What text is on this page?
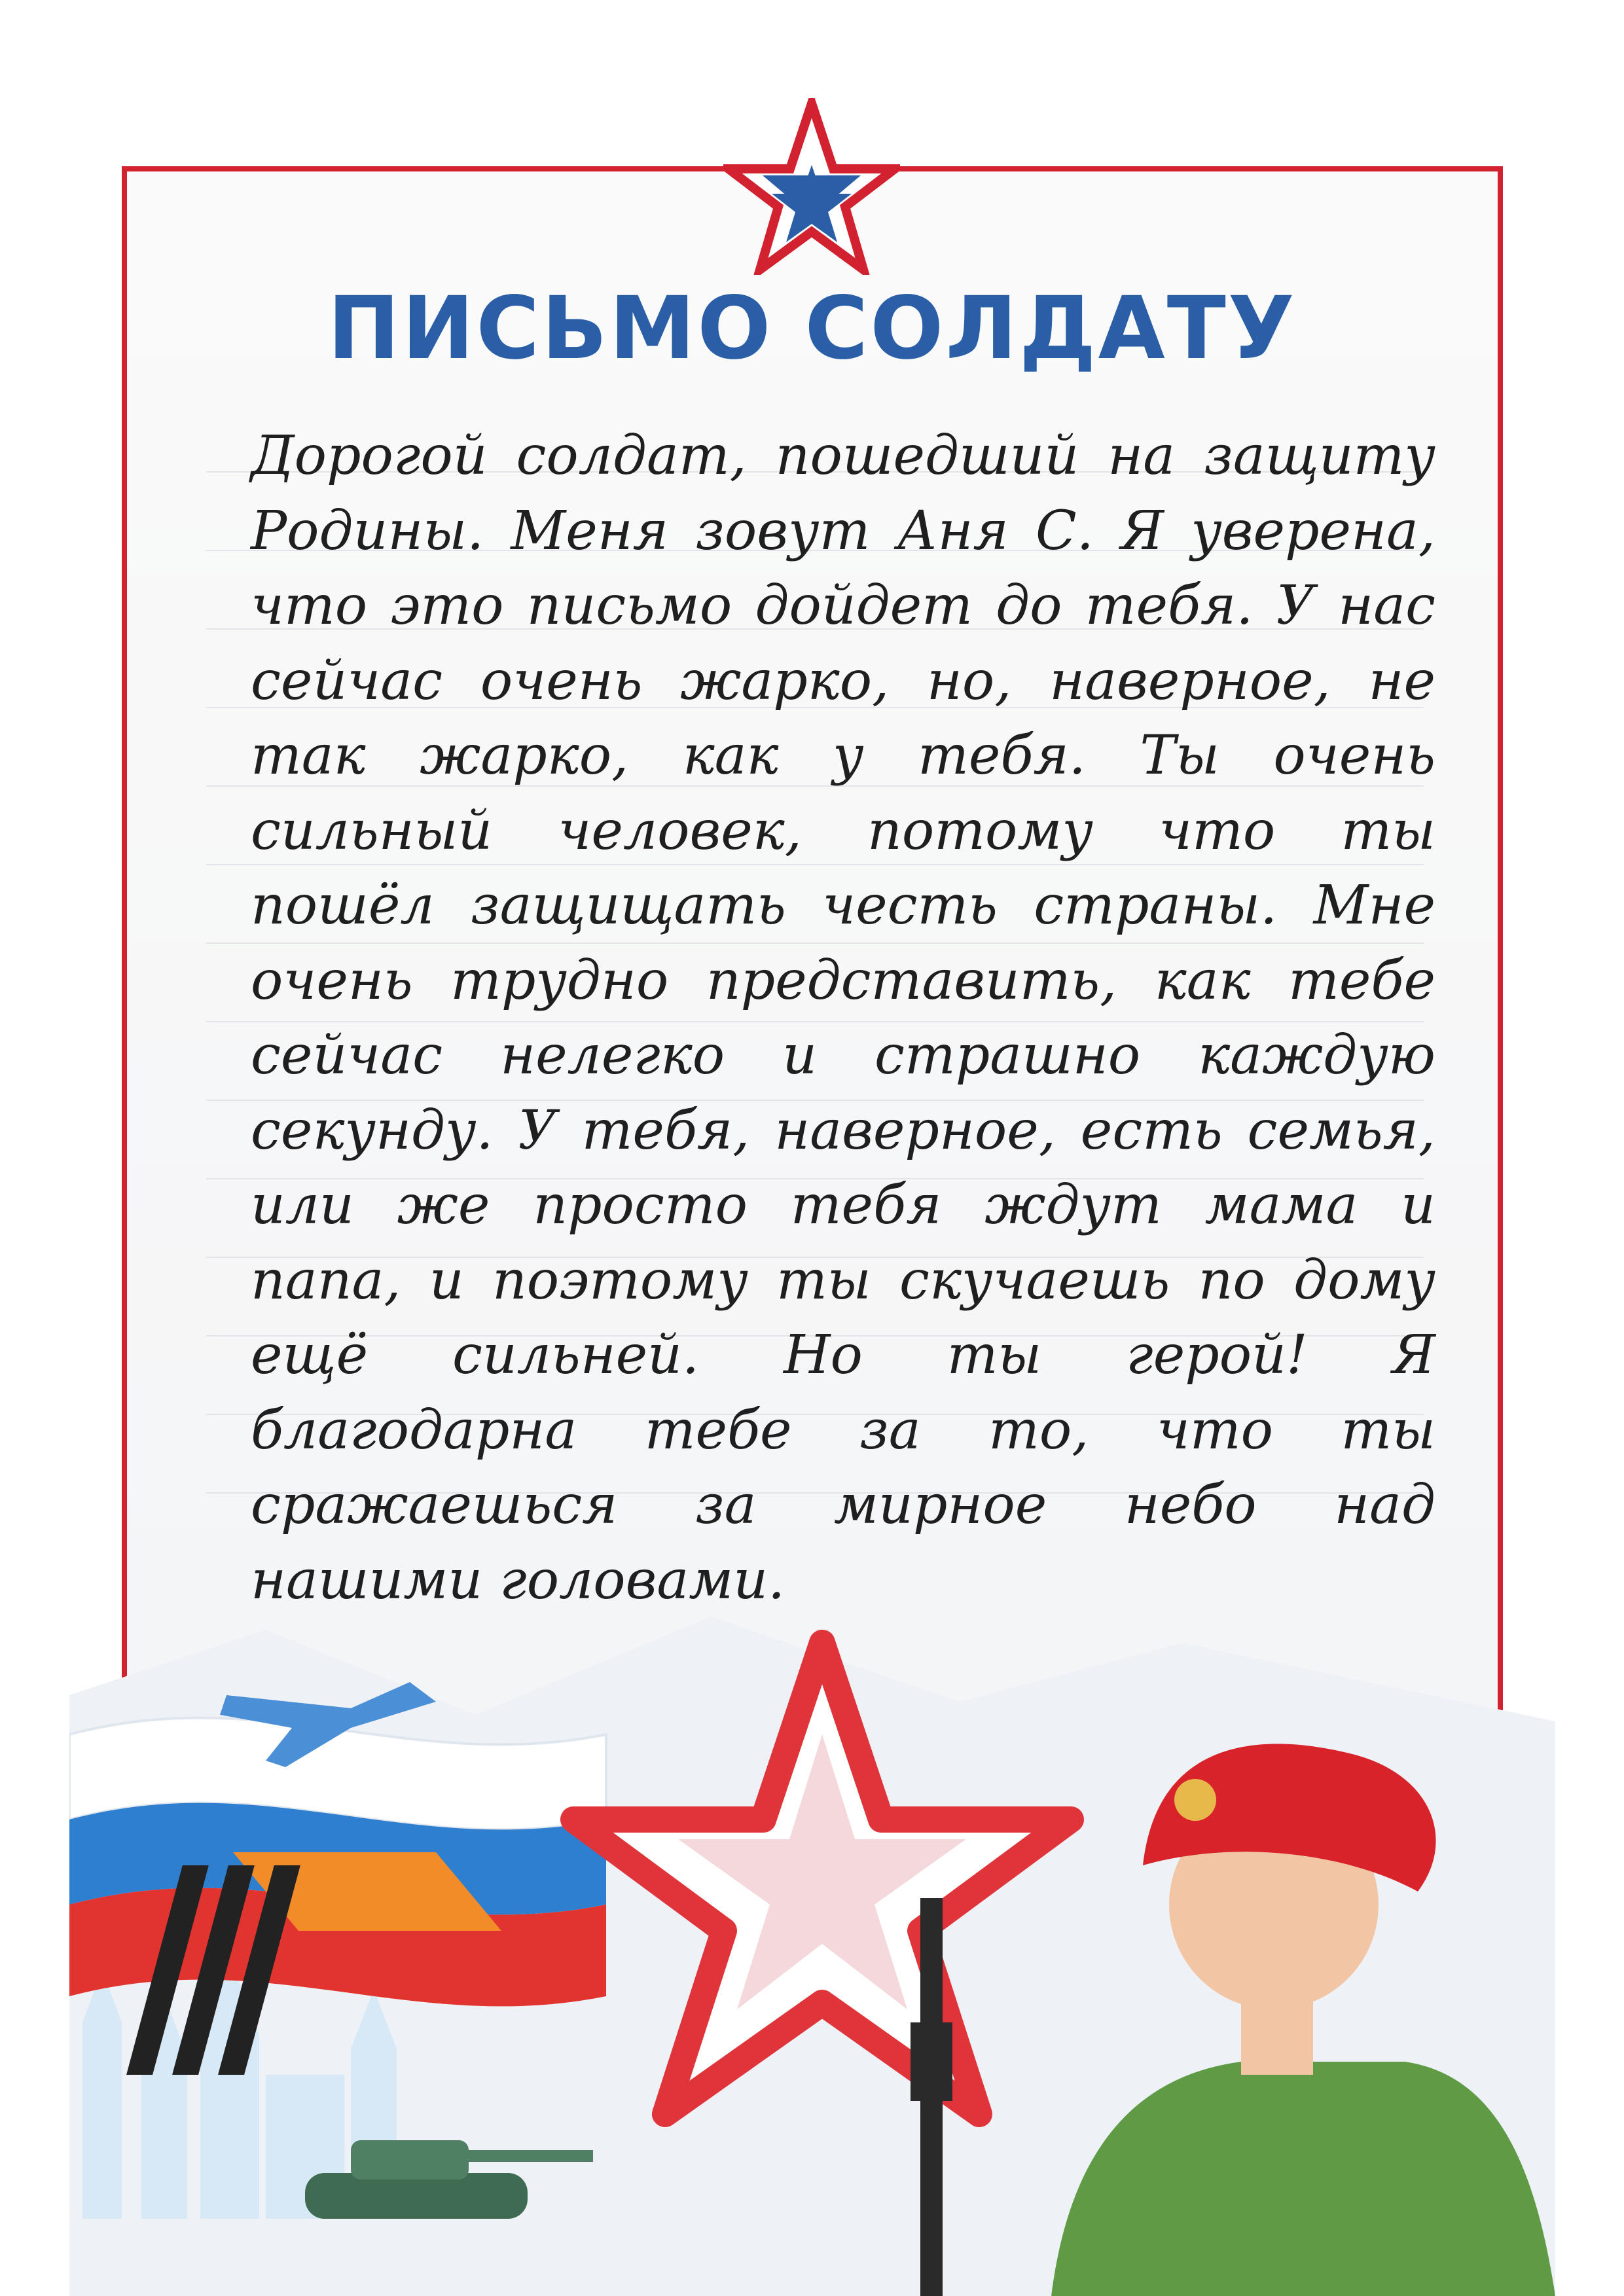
ПИСЬМО СОЛДАТУ

Дорогой солдат, пошедший на защиту Родины. Меня зовут Аня С. Я уверена, что это письмо дойдет до тебя. У нас сейчас очень жарко, но, наверное, не так жарко, как у тебя. Ты очень сильный человек, потому что ты пошёл защищать честь страны. Мне очень трудно представить, как тебе сейчас нелегко и страшно каждую секунду. У тебя, наверное, есть семья, или же просто тебя ждут мама и папа, и поэтому ты скучаешь по дому ещё сильней. Но ты герой! Я благодарна тебе за то, что ты сражаешься за мирное небо над нашими головами.
